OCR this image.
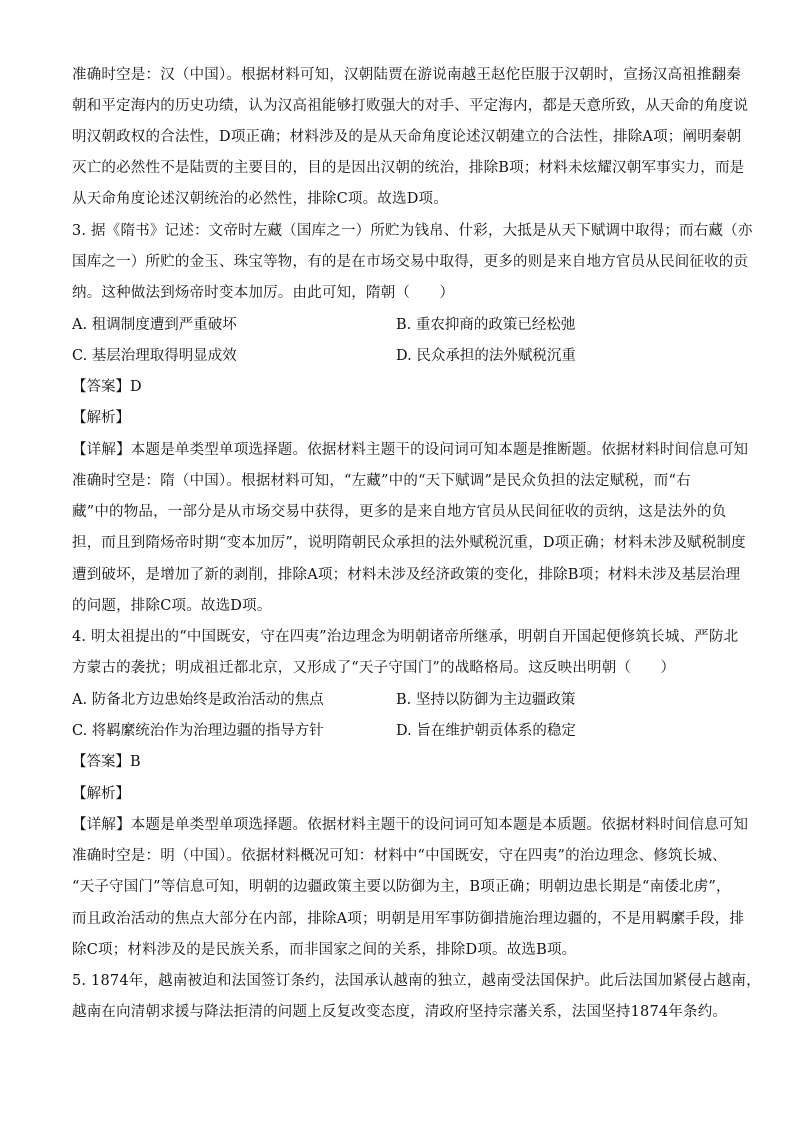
准确时空是：汉（中国）。根据材料可知，汉朝陆贾在游说南越王赵佗臣服于汉朝时，宣扬汉高祖推翻秦
朝和平定海内的历史功绩，认为汉高祖能够打败强大的对手、平定海内，都是天意所致，从天命的角度说
明汉朝政权的合法性，D项正确；材料涉及的是从天命角度论述汉朝建立的合法性，排除A项；阐明秦朝
灭亡的必然性不是陆贾的主要目的，目的是因出汉朝的统治，排除B项；材料未炫耀汉朝军事实力，而是
从天命角度论述汉朝统治的必然性，排除C项。故选D项。
3. 据《隋书》记述：文帝时左藏（国库之一）所贮为钱帛、什彩，大抵是从天下赋调中取得；而右藏（亦
国库之一）所贮的金玉、珠宝等物，有的是在市场交易中取得，更多的则是来自地方官员从民间征收的贡
纳。这种做法到炀帝时变本加厉。由此可知，隋朝（　　）
A. 租调制度遭到严重破坏	B. 重农抑商的政策已经松弛
C. 基层治理取得明显成效	D. 民众承担的法外赋税沉重
【答案】D
【解析】
【详解】本题是单类型单项选择题。依据材料主题干的设问词可知本题是推断题。依据材料时间信息可知
准确时空是：隋（中国）。根据材料可知，“左藏”中的“天下赋调”是民众负担的法定赋税，而“右
藏”中的物品，一部分是从市场交易中获得，更多的是来自地方官员从民间征收的贡纳，这是法外的负
担，而且到隋炀帝时期“变本加厉”，说明隋朝民众承担的法外赋税沉重，D项正确；材料未涉及赋税制度
遭到破坏，是增加了新的剥削，排除A项；材料未涉及经济政策的变化，排除B项；材料未涉及基层治理
的问题，排除C项。故选D项。
4. 明太祖提出的“中国既安，守在四夷”治边理念为明朝诸帝所继承，明朝自开国起便修筑长城、严防北
方蒙古的袭扰；明成祖迁都北京，又形成了“天子守国门”的战略格局。这反映出明朝（　　）
A. 防备北方边患始终是政治活动的焦点	B. 坚持以防御为主边疆政策
C. 将羁縻统治作为治理边疆的指导方针	D. 旨在维护朝贡体系的稳定
【答案】B
【解析】
【详解】本题是单类型单项选择题。依据材料主题干的设问词可知本题是本质题。依据材料时间信息可知
准确时空是：明（中国）。依据材料概况可知：材料中“中国既安，守在四夷”的治边理念、修筑长城、
“天子守国门”等信息可知，明朝的边疆政策主要以防御为主，B项正确；明朝边患长期是“南倭北虏”，
而且政治活动的焦点大部分在内部，排除A项；明朝是用军事防御措施治理边疆的，不是用羁縻手段，排
除C项；材料涉及的是民族关系，而非国家之间的关系，排除D项。故选B项。
5. 1874年，越南被迫和法国签订条约，法国承认越南的独立，越南受法国保护。此后法国加紧侵占越南，
越南在向清朝求援与降法拒清的问题上反复改变态度，清政府坚持宗藩关系，法国坚持1874年条约。
